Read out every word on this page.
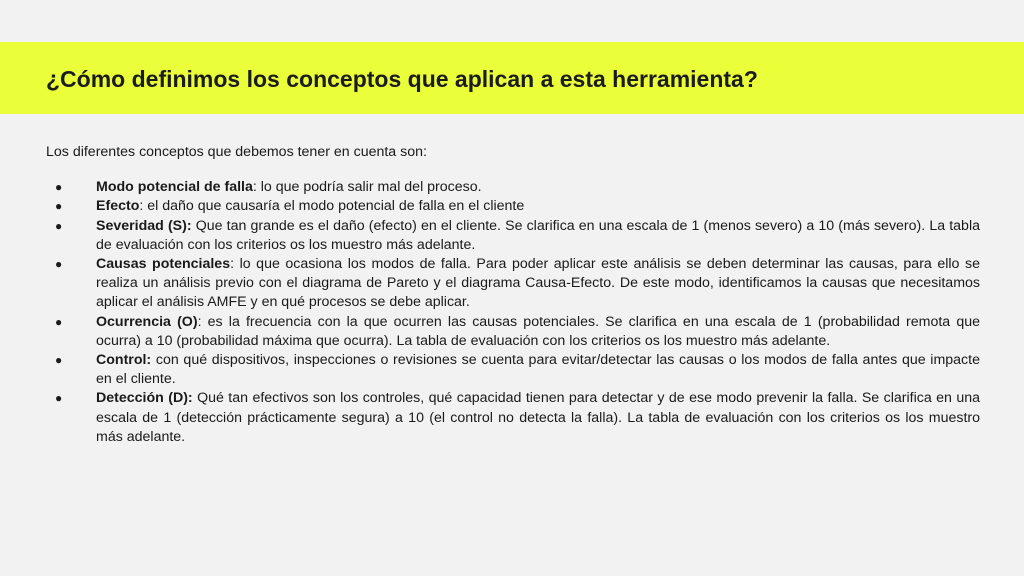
¿Cómo definimos los conceptos que aplican a esta herramienta?

Los diferentes conceptos que debemos tener en cuenta son:

● Modo potencial de falla: lo que podría salir mal del proceso.
● Efecto: el daño que causaría el modo potencial de falla en el cliente
● Severidad (S): Que tan grande es el daño (efecto) en el cliente. Se clarifica en una escala de 1 (menos severo) a 10 (más severo). La tabla de evaluación con los criterios os los muestro más adelante.
● Causas potenciales: lo que ocasiona los modos de falla. Para poder aplicar este análisis se deben determinar las causas, para ello se realiza un análisis previo con el diagrama de Pareto y el diagrama Causa-Efecto. De este modo, identificamos la causas que necesitamos aplicar el análisis AMFE y en qué procesos se debe aplicar.
● Ocurrencia (O): es la frecuencia con la que ocurren las causas potenciales. Se clarifica en una escala de 1 (probabilidad remota que ocurra) a 10 (probabilidad máxima que ocurra). La tabla de evaluación con los criterios os los muestro más adelante.
● Control: con qué dispositivos, inspecciones o revisiones se cuenta para evitar/detectar las causas o los modos de falla antes que impacte en el cliente.
● Detección (D): Qué tan efectivos son los controles, qué capacidad tienen para detectar y de ese modo prevenir la falla. Se clarifica en una escala de 1 (detección prácticamente segura) a 10 (el control no detecta la falla). La tabla de evaluación con los criterios os los muestro más adelante.
